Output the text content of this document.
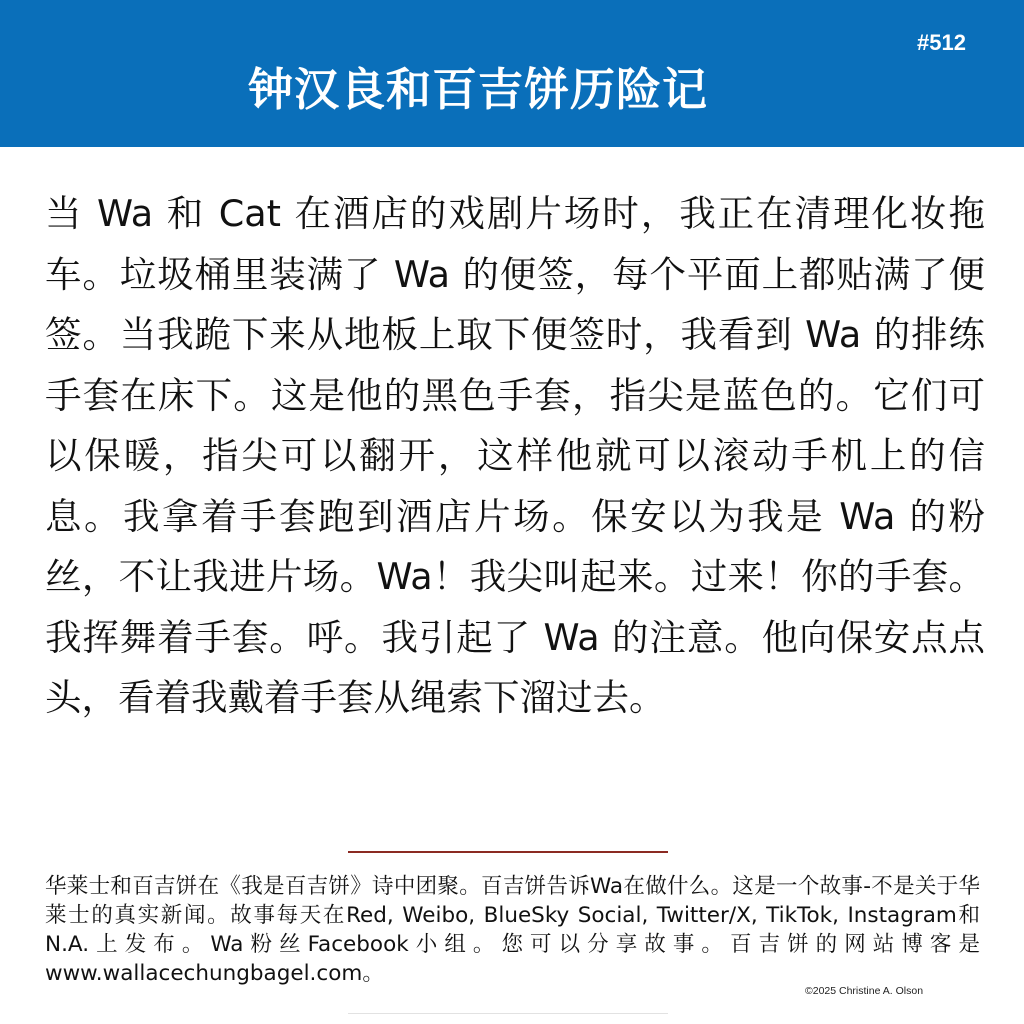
#512
钟汉良和百吉饼历险记

当 Wa 和 Cat 在酒店的戏剧片场时，我正在清理化妆拖车。垃圾桶里装满了 Wa 的便签，每个平面上都贴满了便签。当我跪下来从地板上取下便签时，我看到 Wa 的排练手套在床下。这是他的黑色手套，指尖是蓝色的。它们可以保暖，指尖可以翻开，这样他就可以滚动手机上的信息。我拿着手套跑到酒店片场。保安以为我是 Wa 的粉丝，不让我进片场。Wa！我尖叫起来。过来！你的手套。我挥舞着手套。呼。我引起了 Wa 的注意。他向保安点点头，看着我戴着手套从绳索下溜过去。

华莱士和百吉饼在《我是百吉饼》诗中团聚。百吉饼告诉Wa在做什么。这是一个故事-不是关于华莱士的真实新闻。故事每天在Red, Weibo, BlueSky Social, Twitter/X, TikTok, Instagram和N.A.上发布。Wa粉丝Facebook小组。您可以分享故事。百吉饼的网站博客是www.wallacechungbagel.com。

©2025 Christine A. Olson
